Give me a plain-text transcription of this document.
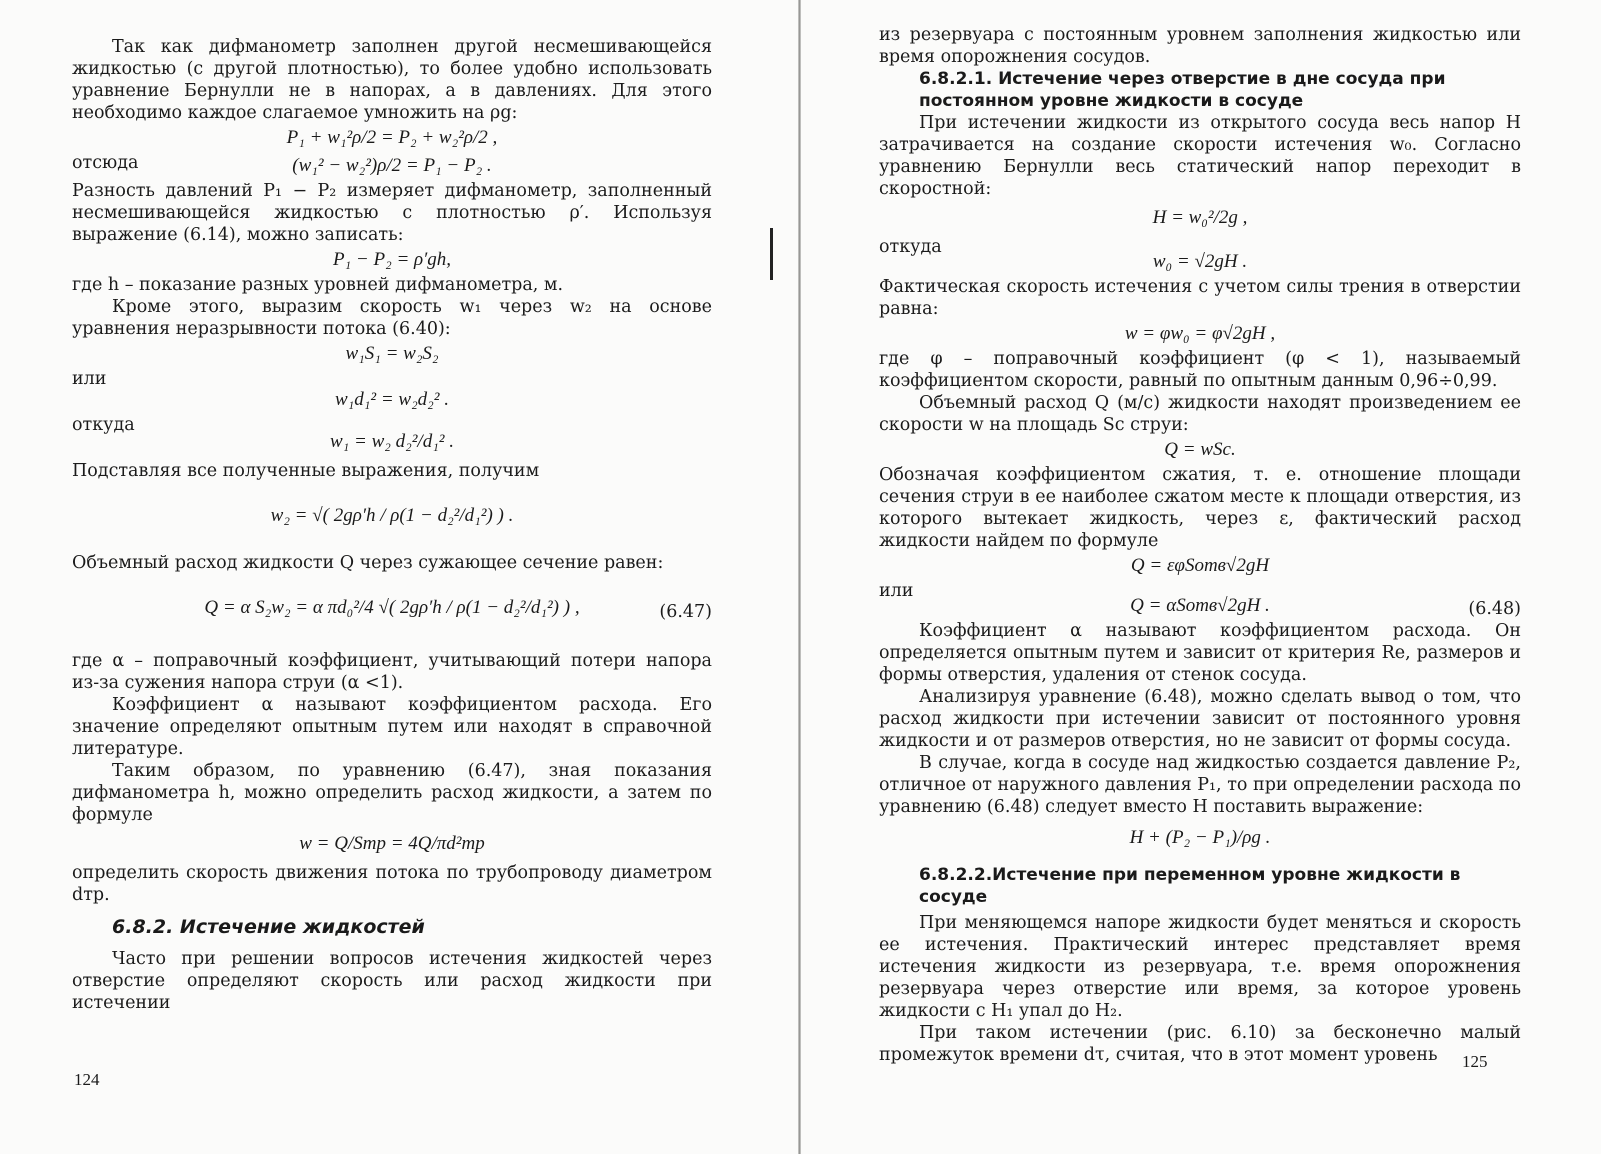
Так как дифманометр заполнен другой несмешивающейся жидкостью (с другой плотностью), то более удобно использовать уравнение Бернулли не в напорах, а в давлениях. Для этого необходимо каждое слагаемое умножить на ρg:

P₁ + w₁²ρ/2 = P₂ + w₂²ρ/2 ,
отсюда	(w₁² − w₂²)ρ/2 = P₁ − P₂ .

Разность давлений P₁ − P₂ измеряет дифманометр, заполненный несмешивающейся жидкостью с плотностью ρ′. Используя выражение (6.14), можно записать:

P₁ − P₂ = ρ′gh,

где h – показание разных уровней дифманометра, м.

Кроме этого, выразим скорость w₁ через w₂ на основе уравнения неразрывности потока (6.40):

w₁S₁ = w₂S₂
или
w₁d₁² = w₂d₂² .
откуда
w₁ = w₂ d₂²/d₁² .

Подставляя все полученные выражения, получим

w₂ = √( 2gρ′h / ρ(1 − d₂²/d₁²) ) .

Объемный расход жидкости Q через сужающее сечение равен:

Q = α S₂w₂ = α πd₀²/4 √( 2gρ′h / ρ(1 − d₂²/d₁²) ) ,	(6.47)

где α – поправочный коэффициент, учитывающий потери напора из-за сужения напора струи (α <1).

Коэффициент α называют коэффициентом расхода. Его значение определяют опытным путем или находят в справочной литературе.

Таким образом, по уравнению (6.47), зная показания дифманометра h, можно определить расход жидкости, а затем по формуле

w = Q/Sтр = 4Q/πd²тр

определить скорость движения потока по трубопроводу диаметром dтр.

6.8.2. Истечение жидкостей

Часто при решении вопросов истечения жидкостей через отверстие определяют скорость или расход жидкости при истечении

124

из резервуара с постоянным уровнем заполнения жидкостью или время опорожнения сосудов.

6.8.2.1. Истечение через отверстие в дне сосуда при постоянном уровне жидкости в сосуде

При истечении жидкости из открытого сосуда весь напор H затрачивается на создание скорости истечения w₀. Согласно уравнению Бернулли весь статический напор переходит в скоростной:

H = w₀²/2g ,
откуда
w₀ = √2gH .

Фактическая скорость истечения с учетом силы трения в отверстии равна:

w = φw₀ = φ√2gH ,

где φ – поправочный коэффициент (φ < 1), называемый коэффициентом скорости, равный по опытным данным 0,96÷0,99.

Объемный расход Q (м/с) жидкости находят произведением ее скорости w на площадь Sс струи:

Q = wSс.

Обозначая коэффициентом сжатия, т. е. отношение площади сечения струи в ее наиболее сжатом месте к площади отверстия, из которого вытекает жидкость, через ε, фактический расход жидкости найдем по формуле

Q = εφSотв√2gH
или
Q = αSотв√2gH .	(6.48)

Коэффициент α называют коэффициентом расхода. Он определяется опытным путем и зависит от критерия Re, размеров и формы отверстия, удаления от стенок сосуда.

Анализируя уравнение (6.48), можно сделать вывод о том, что расход жидкости при истечении зависит от постоянного уровня жидкости и от размеров отверстия, но не зависит от формы сосуда.

В случае, когда в сосуде над жидкостью создается давление P₂, отличное от наружного давления P₁, то при определении расхода по уравнению (6.48) следует вместо H поставить выражение:

H + (P₂ − P₁)/ρg .
6.8.2.2.Истечение при переменном уровне жидкости в сосуде

При меняющемся напоре жидкости будет меняться и скорость ее истечения. Практический интерес представляет время истечения жидкости из резервуара, т.е. время опорожнения резервуара через отверстие или время, за которое уровень жидкости с H₁ упал до H₂.

При таком истечении (рис. 6.10) за бесконечно малый промежуток времени dτ, считая, что в этот момент уровень	125
